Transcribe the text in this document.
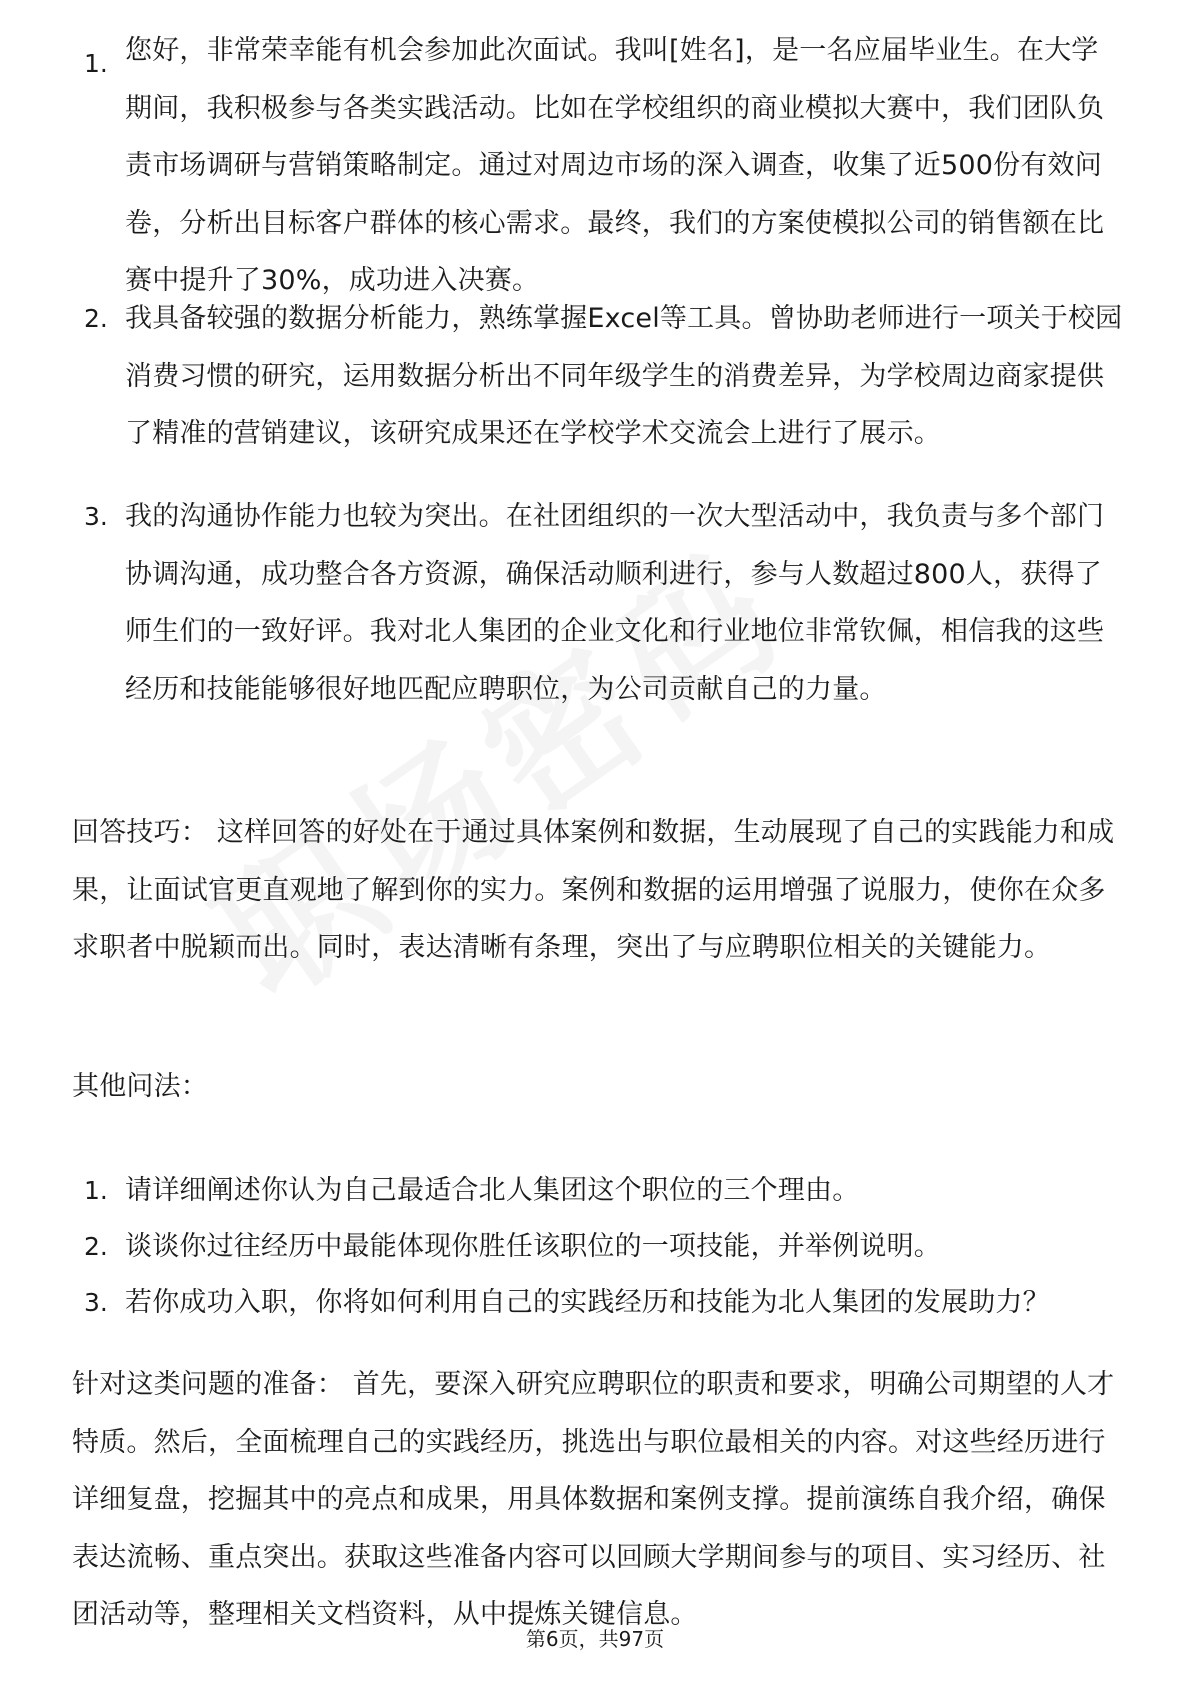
1. 您好，非常荣幸能有机会参加此次面试。我叫[姓名]，是一名应届毕业生。在大学期间，我积极参与各类实践活动。比如在学校组织的商业模拟大赛中，我们团队负责市场调研与营销策略制定。通过对周边市场的深入调查，收集了近500份有效问卷，分析出目标客户群体的核心需求。最终，我们的方案使模拟公司的销售额在比赛中提升了30%，成功进入决赛。
2. 我具备较强的数据分析能力，熟练掌握Excel等工具。曾协助老师进行一项关于校园消费习惯的研究，运用数据分析出不同年级学生的消费差异，为学校周边商家提供了精准的营销建议，该研究成果还在学校学术交流会上进行了展示。
3. 我的沟通协作能力也较为突出。在社团组织的一次大型活动中，我负责与多个部门协调沟通，成功整合各方资源，确保活动顺利进行，参与人数超过800人，获得了师生们的一致好评。我对北人集团的企业文化和行业地位非常钦佩，相信我的这些经历和技能能够很好地匹配应聘职位，为公司贡献自己的力量。
回答技巧： 这样回答的好处在于通过具体案例和数据，生动展现了自己的实践能力和成果，让面试官更直观地了解到你的实力。案例和数据的运用增强了说服力，使你在众多求职者中脱颖而出。同时，表达清晰有条理，突出了与应聘职位相关的关键能力。
其他问法：
1. 请详细阐述你认为自己最适合北人集团这个职位的三个理由。
2. 谈谈你过往经历中最能体现你胜任该职位的一项技能，并举例说明。
3. 若你成功入职，你将如何利用自己的实践经历和技能为北人集团的发展助力？
针对这类问题的准备： 首先，要深入研究应聘职位的职责和要求，明确公司期望的人才特质。然后，全面梳理自己的实践经历，挑选出与职位最相关的内容。对这些经历进行详细复盘，挖掘其中的亮点和成果，用具体数据和案例支撑。提前演练自我介绍，确保表达流畅、重点突出。获取这些准备内容可以回顾大学期间参与的项目、实习经历、社团活动等，整理相关文档资料，从中提炼关键信息。
第6页，共97页
